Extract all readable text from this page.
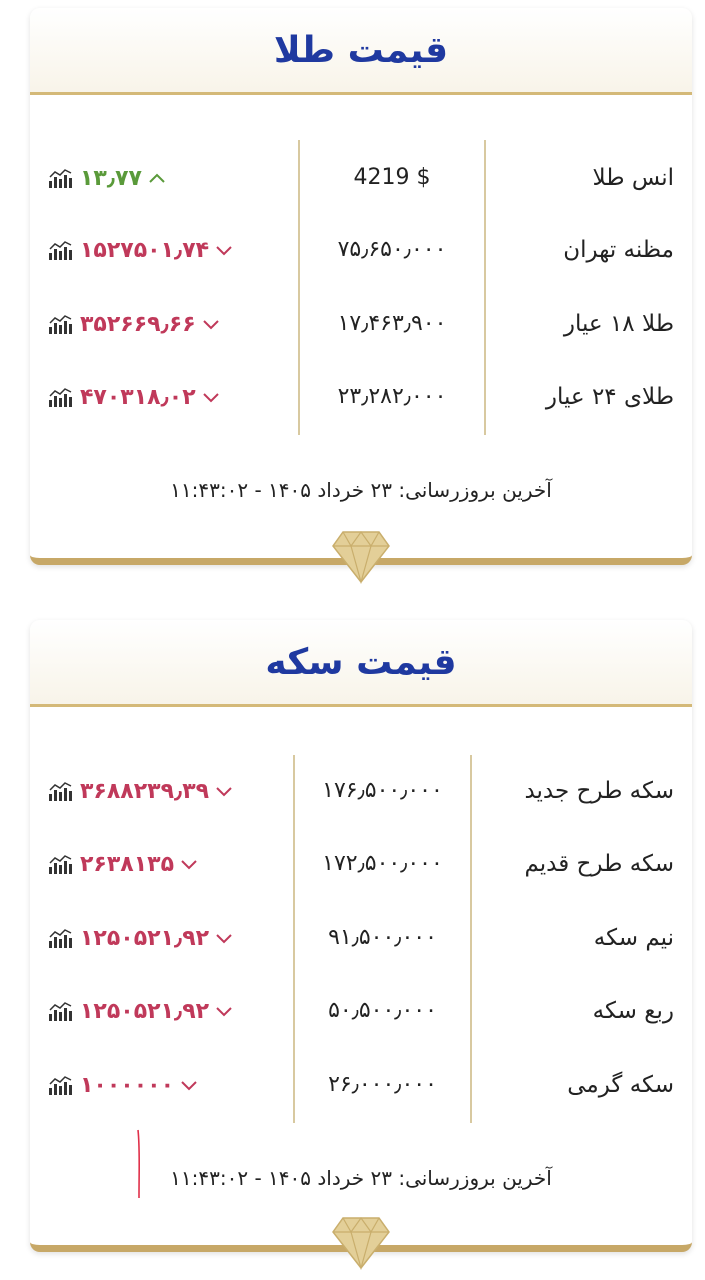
قیمت طلا
انس طلا
4219 $
۱۳٫۷۷
مظنه تهران
۷۵٫۶۵۰٫۰۰۰
۱۵۲۷۵۰۱٫۷۴
طلا ۱۸ عیار
۱۷٫۴۶۳٫۹۰۰
۳۵۲۶۶۹٫۶۶
طلای ۲۴ عیار
۲۳٫۲۸۲٫۰۰۰
۴۷۰۳۱۸٫۰۲
آخرین بروزرسانی: ۲۳ خرداد ۱۴۰۵ - ۱۱:۴۳:۰۲
قیمت سکه
سکه طرح جدید
۱۷۶٫۵۰۰٫۰۰۰
۳۶۸۸۲۳۹٫۳۹
سکه طرح قدیم
۱۷۲٫۵۰۰٫۰۰۰
۲۶۳۸۱۳۵
نیم سکه
۹۱٫۵۰۰٫۰۰۰
۱۲۵۰۵۲۱٫۹۲
ربع سکه
۵۰٫۵۰۰٫۰۰۰
۱۲۵۰۵۲۱٫۹۲
سکه گرمی
۲۶٫۰۰۰٫۰۰۰
۱۰۰۰۰۰۰
آخرین بروزرسانی: ۲۳ خرداد ۱۴۰۵ - ۱۱:۴۳:۰۲
